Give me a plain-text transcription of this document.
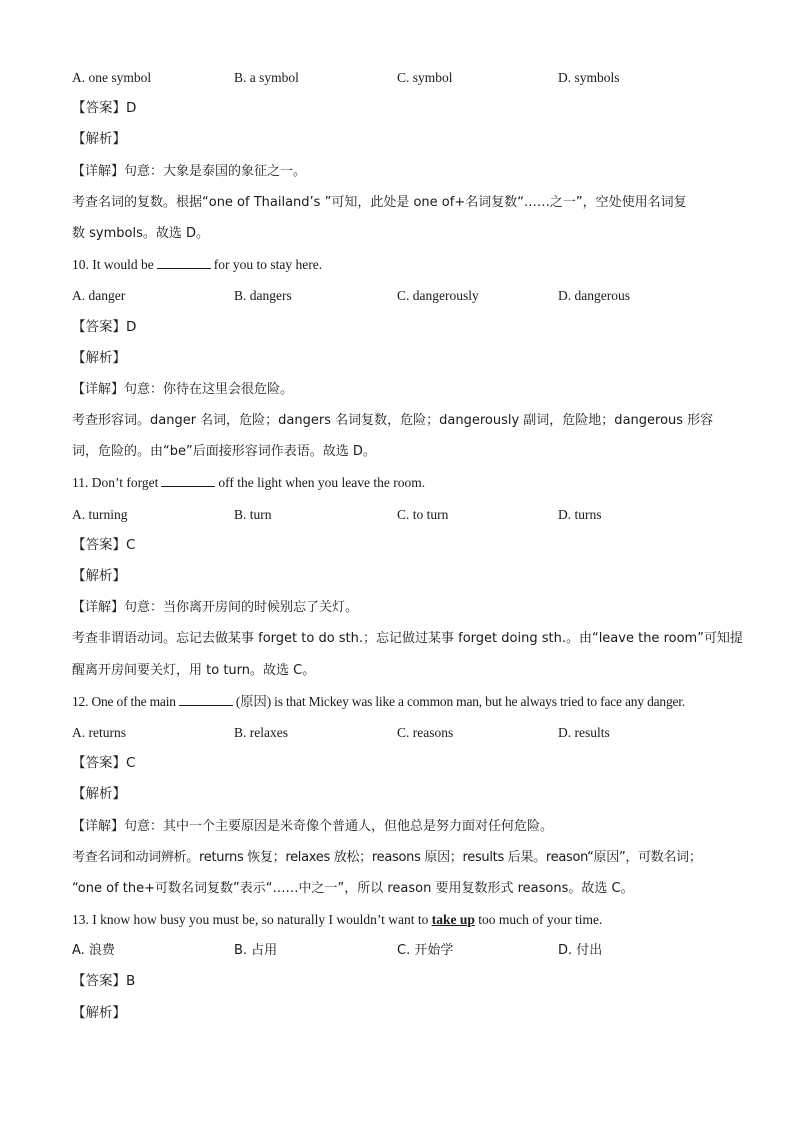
A. one symbol	B. a symbol	C. symbol	D. symbols
【答案】D
【解析】
【详解】句意：大象是泰国的象征之一。
考查名词的复数。根据“one of Thailand’s ”可知，此处是 one of+名词复数“……之一”，空处使用名词复
数 symbols。故选 D。
10. It would be	for you to stay here.
A. danger	B. dangers	C. dangerously	D. dangerous
【答案】D
【解析】
【详解】句意：你待在这里会很危险。
考查形容词。danger 名词，危险；dangers 名词复数，危险；dangerously 副词，危险地；dangerous 形容
词，危险的。由“be”后面接形容词作表语。故选 D。
11. Don’t forget	off the light when you leave the room.
A. turning	B. turn	C. to turn	D. turns
【答案】C
【解析】
【详解】句意：当你离开房间的时候别忘了关灯。
考查非谓语动词。忘记去做某事 forget to do sth.；忘记做过某事 forget doing sth.。由“leave the room”可知提
醒离开房间要关灯，用 to turn。故选 C。
12. One of the main	(原因) is that Mickey was like a common man, but he always tried to face any danger.
A. returns	B. relaxes	C. reasons	D. results
【答案】C
【解析】
【详解】句意：其中一个主要原因是米奇像个普通人，但他总是努力面对任何危险。
考查名词和动词辨析。returns 恢复；relaxes 放松；reasons 原因；results 后果。reason“原因”，可数名词；
“one of the+可数名词复数”表示“……中之一”，所以 reason 要用复数形式 reasons。故选 C。
13. I know how busy you must be, so naturally I wouldn’t want to take up too much of your time.
A. 浪费	B. 占用	C. 开始学	D. 付出
【答案】B
【解析】
